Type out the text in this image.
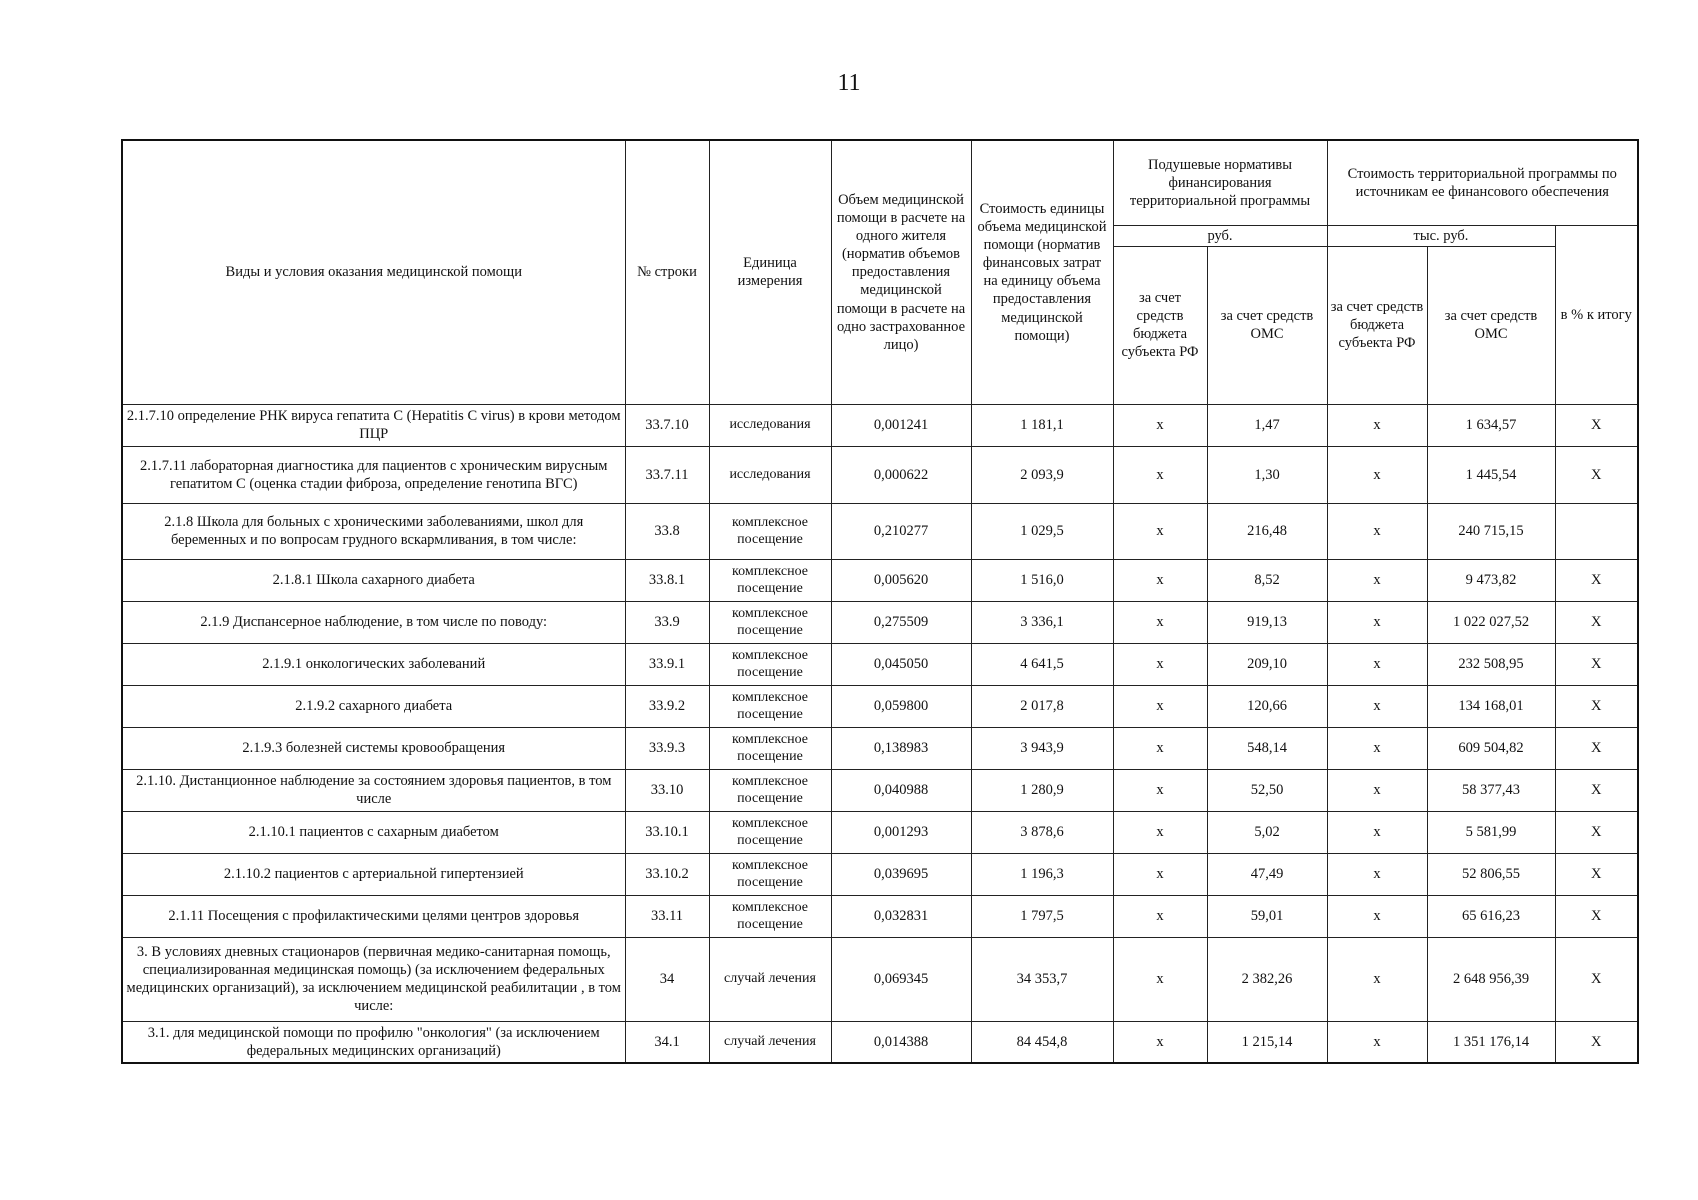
11
Виды и условия оказания медицинской помощи	№ строки	Единица измерения	Объем медицинской помощи в расчете на одного жителя (норматив объемов предоставления медицинской помощи в расчете на одно застрахованное лицо)	Стоимость единицы объема медицинской помощи (норматив финансовых затрат на единицу объема предоставления медицинской помощи)	Подушевые нормативы финансирования территориальной программы		Стоимость территориальной программы по источникам ее финансового обеспечения		
					руб.		тыс. руб.		в % к итогу
					за счет средств бюджета субъекта РФ	за счет средств ОМС	за счет средств бюджета субъекта РФ	за счет средств ОМС	
2.1.7.10 определение РНК вируса гепатита С (Hepatitis C virus) в крови методом ПЦР	33.7.10	исследования	0,001241	1 181,1	x	1,47	x	1 634,57	X
2.1.7.11 лабораторная диагностика для пациентов с хроническим вирусным гепатитом С (оценка стадии фиброза, определение генотипа ВГС)	33.7.11	исследования	0,000622	2 093,9	x	1,30	x	1 445,54	X
2.1.8 Школа для больных с хроническими заболеваниями, школ для беременных и по вопросам грудного вскармливания, в том числе:	33.8	комплексное посещение	0,210277	1 029,5	x	216,48	x	240 715,15	
2.1.8.1 Школа сахарного диабета	33.8.1	комплексное посещение	0,005620	1 516,0	x	8,52	x	9 473,82	X
2.1.9 Диспансерное наблюдение, в том числе по поводу:	33.9	комплексное посещение	0,275509	3 336,1	x	919,13	x	1 022 027,52	X
2.1.9.1 онкологических заболеваний	33.9.1	комплексное посещение	0,045050	4 641,5	x	209,10	x	232 508,95	X
2.1.9.2 сахарного диабета	33.9.2	комплексное посещение	0,059800	2 017,8	x	120,66	x	134 168,01	X
2.1.9.3 болезней системы кровообращения	33.9.3	комплексное посещение	0,138983	3 943,9	x	548,14	x	609 504,82	X
2.1.10. Дистанционное наблюдение за состоянием здоровья пациентов, в том числе	33.10	комплексное посещение	0,040988	1 280,9	x	52,50	x	58 377,43	X
2.1.10.1 пациентов с сахарным диабетом	33.10.1	комплексное посещение	0,001293	3 878,6	x	5,02	x	5 581,99	X
2.1.10.2 пациентов с артериальной гипертензией	33.10.2	комплексное посещение	0,039695	1 196,3	x	47,49	x	52 806,55	X
2.1.11 Посещения с профилактическими целями центров здоровья	33.11	комплексное посещение	0,032831	1 797,5	x	59,01	x	65 616,23	X
3. В условиях дневных стационаров (первичная медико-санитарная помощь, специализированная медицинская помощь) (за исключением федеральных медицинских организаций), за исключением медицинской реабилитации , в том числе:	34	случай лечения	0,069345	34 353,7	x	2 382,26	x	2 648 956,39	X
3.1. для медицинской помощи по профилю "онкология" (за исключением федеральных медицинских организаций)	34.1	случай лечения	0,014388	84 454,8	x	1 215,14	x	1 351 176,14	X
